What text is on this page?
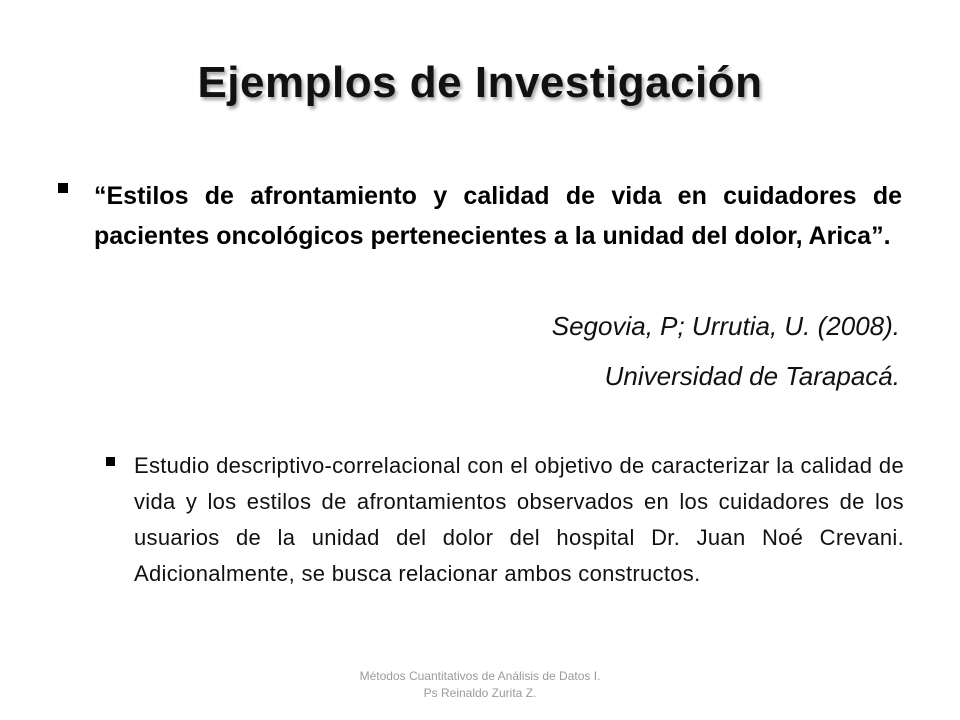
Ejemplos de Investigación
“Estilos de afrontamiento y calidad de vida en cuidadores de pacientes oncológicos pertenecientes a la unidad del dolor, Arica”.
Segovia, P; Urrutia, U. (2008).
Universidad de Tarapacá.
Estudio descriptivo-correlacional con el objetivo de caracterizar la calidad de vida y los estilos de afrontamientos observados en los cuidadores de los usuarios de la unidad del dolor del hospital Dr. Juan Noé Crevani. Adicionalmente, se busca relacionar ambos constructos.
Métodos Cuantitativos de Análisis de Datos I.
Ps Reinaldo Zurita Z.
